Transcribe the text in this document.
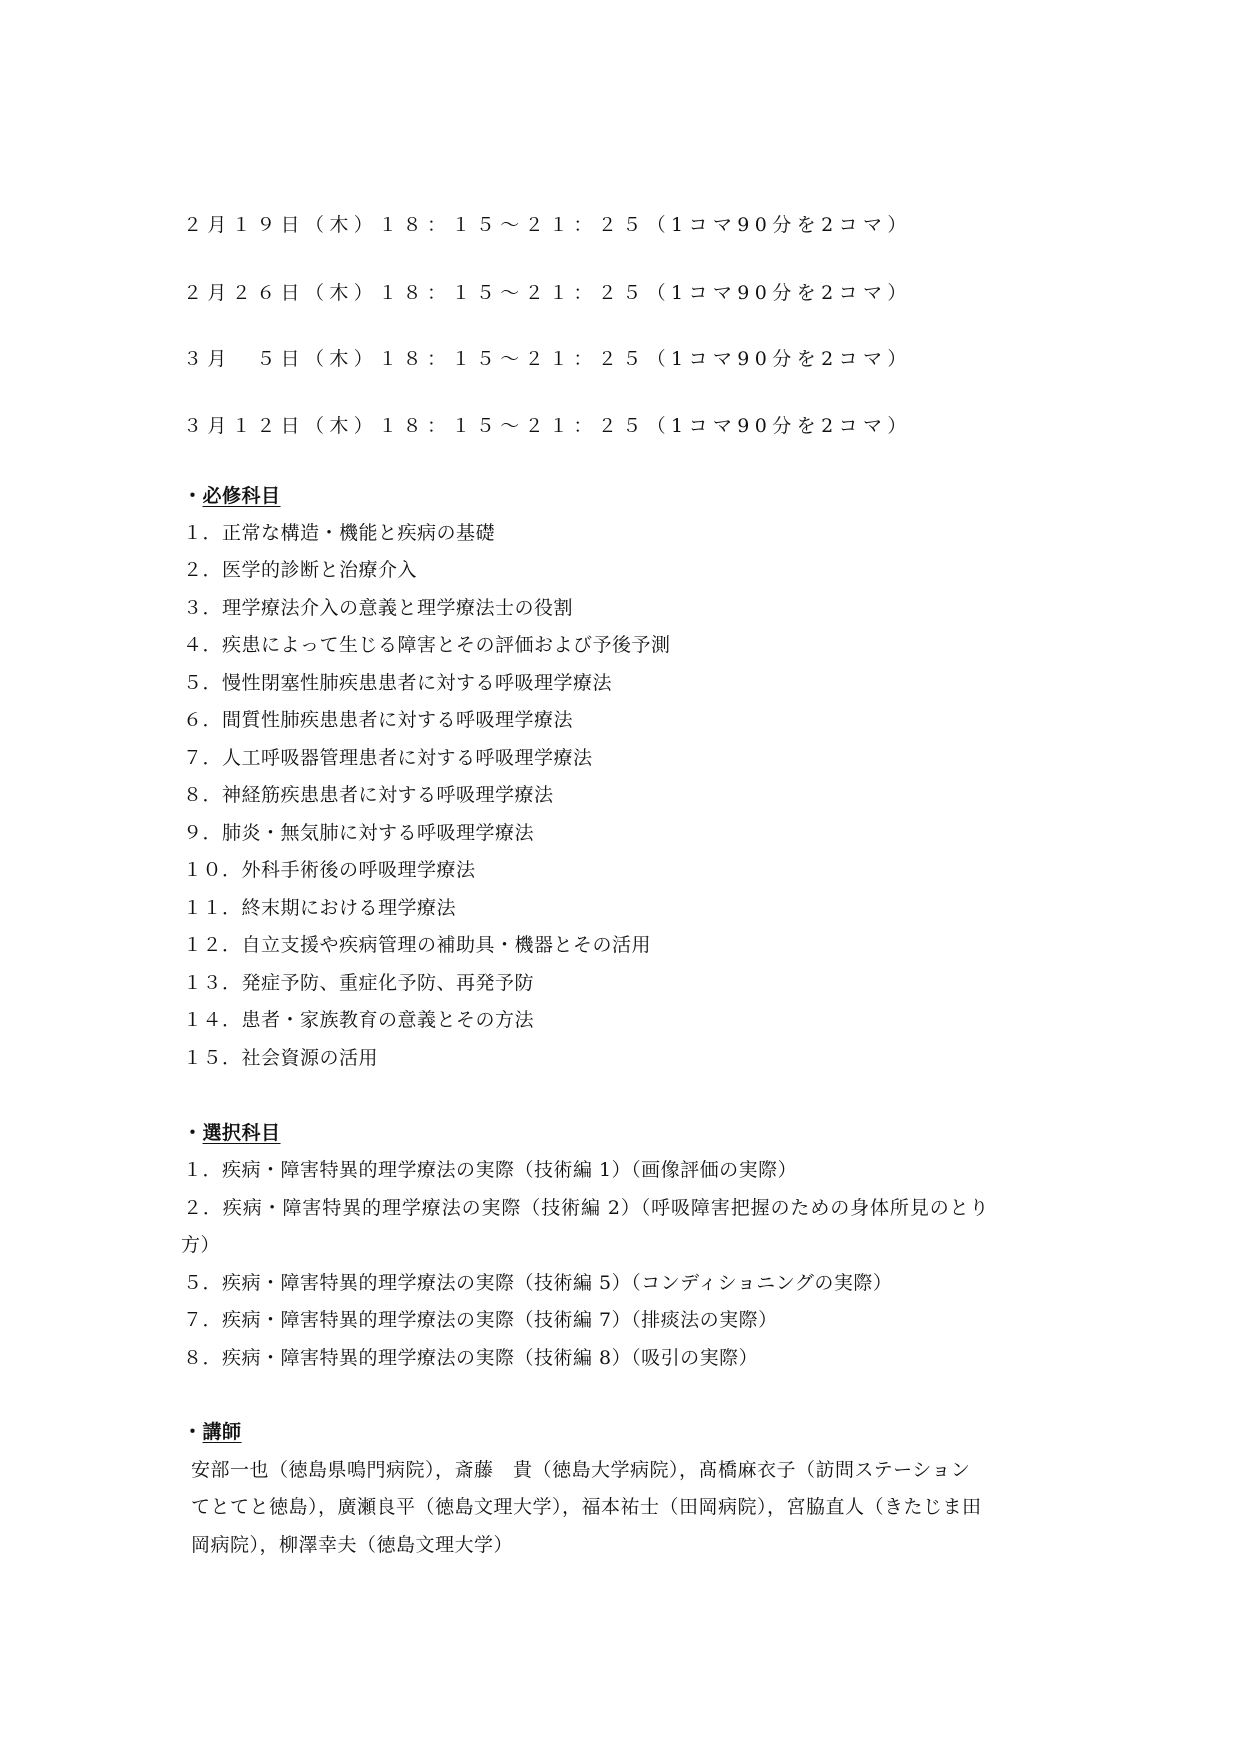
２月１９日（木）１８：１５～２１：２５（1コマ90分を2コマ）
２月２６日（木）１８：１５～２１：２５（1コマ90分を2コマ）
３月　５日（木）１８：１５～２１：２５（1コマ90分を2コマ）
３月１２日（木）１８：１５～２１：２５（1コマ90分を2コマ）
・必修科目
１．正常な構造・機能と疾病の基礎
２．医学的診断と治療介入
３．理学療法介入の意義と理学療法士の役割
４．疾患によって生じる障害とその評価および予後予測
５．慢性閉塞性肺疾患患者に対する呼吸理学療法
６．間質性肺疾患患者に対する呼吸理学療法
７．人工呼吸器管理患者に対する呼吸理学療法
８．神経筋疾患患者に対する呼吸理学療法
９．肺炎・無気肺に対する呼吸理学療法
１０．外科手術後の呼吸理学療法
１１．終末期における理学療法
１２．自立支援や疾病管理の補助具・機器とその活用
１３．発症予防、重症化予防、再発予防
１４．患者・家族教育の意義とその方法
１５．社会資源の活用
・選択科目
１．疾病・障害特異的理学療法の実際（技術編 1）（画像評価の実際）
２．疾病・障害特異的理学療法の実際（技術編 2）（呼吸障害把握のための身体所見のとり
方）
５．疾病・障害特異的理学療法の実際（技術編 5）（コンディショニングの実際）
７．疾病・障害特異的理学療法の実際（技術編 7）（排痰法の実際）
８．疾病・障害特異的理学療法の実際（技術編 8）（吸引の実際）
・講師
安部一也（徳島県鳴門病院），斎藤　貴（徳島大学病院），髙橋麻衣子（訪問ステーション
てとてと徳島），廣瀬良平（徳島文理大学），福本祐士（田岡病院），宮脇直人（きたじま田
岡病院），柳澤幸夫（徳島文理大学）
